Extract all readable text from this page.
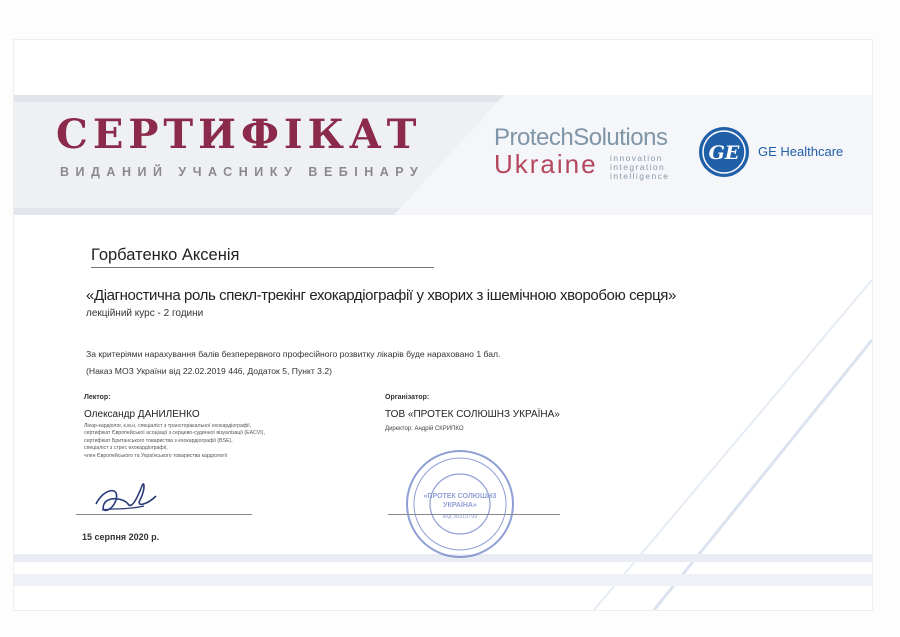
СЕРТИФІКАТ
ВИДАНИЙ УЧАСНИКУ ВЕБІНАРУ
ProtechSolutions
Ukraine innovation
integration
intelligence
GE GE Healthcare
Горбатенко Аксенія
«Діагностична роль спекл-трекінг ехокардіографії у хворих з ішемічною хворобою серця»
лекційний курс - 2 години
За критеріями нарахування балів безперервного професійного розвитку лікарів буде нараховано 1 бал.
(Наказ МОЗ України від 22.02.2019 446, Додаток 5, Пункт 3.2)
Лектор:
Олександр ДАНИЛЕНКО
Лікар-кардіолог, к.м.н, спеціаліст з трансторакальної ехокардіографії,
сертифікат Європейської асоціації з серцево-судинної візуалізації (EACVI),
сертифікат Британського товариства з ехокардіографії (BSE),
спеціаліст з стрес ехокардіографії,
член Європейського та Українського товариства кардіології
15 серпня 2020 р.
Організатор:
ТОВ «ПРОТЕК СОЛЮШНЗ УКРАЇНА»
Директор: Андрій СКРИПКО
«ПРОТЕК СОЛЮШНЗ
УКРАЇНА»
код 38319799
